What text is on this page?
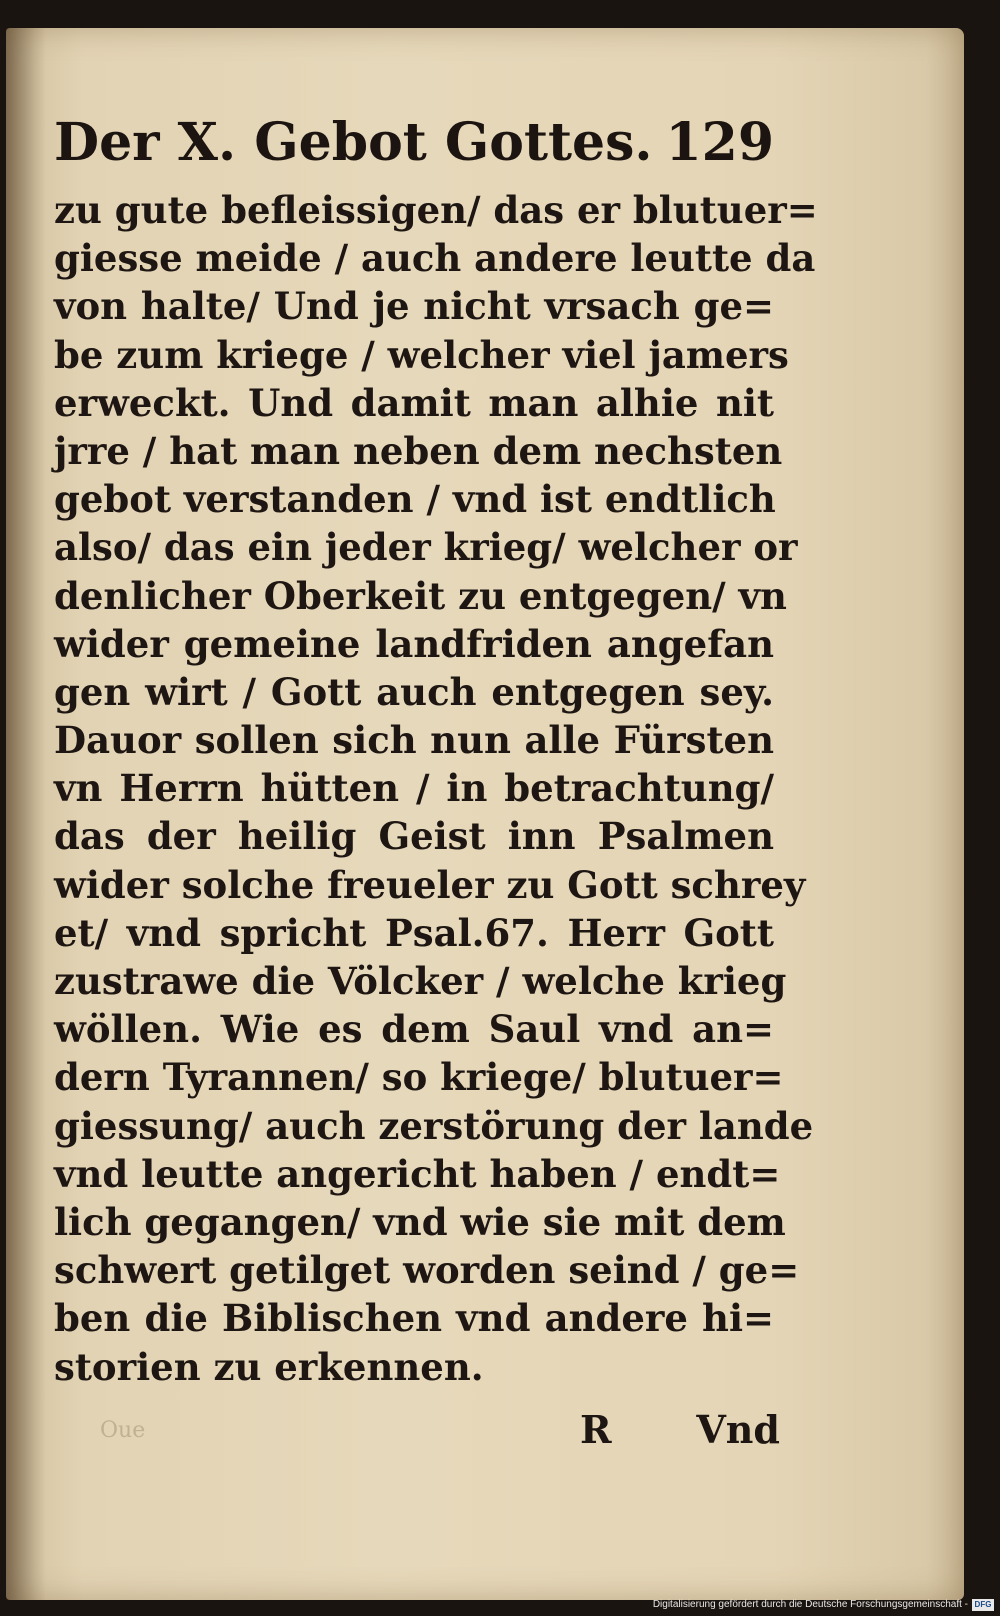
Der X. Gebot Gottes. 129
zu gute befleissigen/ das er blutuer=
giesse meide / auch andere leutte da
von halte/ Und je nicht vrsach ge=
be zum kriege / welcher viel jamers
erweckt. Und damit man alhie nit
jrre / hat man neben dem nechsten
gebot verstanden / vnd ist endtlich
also/ das ein jeder krieg/ welcher or
denlicher Oberkeit zu entgegen/ vn
wider gemeine landfriden angefan
gen wirt / Gott auch entgegen sey.
Dauor sollen sich nun alle Fürsten
vn Herrn hütten / in betrachtung/
das der heilig Geist inn Psalmen
wider solche freueler zu Gott schrey
et/ vnd spricht Psal.67. Herr Gott
zustrawe die Völcker / welche krieg
wöllen. Wie es dem Saul vnd an=
dern Tyrannen/ so kriege/ blutuer=
giessung/ auch zerstörung der lande
vnd leutte angericht haben / endt=
lich gegangen/ vnd wie sie mit dem
schwert getilget worden seind / ge=
ben die Biblischen vnd andere hi=
storien zu erkennen.
Oue	R Vnd
Digitalisierung gefördert durch die Deutsche Forschungsgemeinschaft - DFG
